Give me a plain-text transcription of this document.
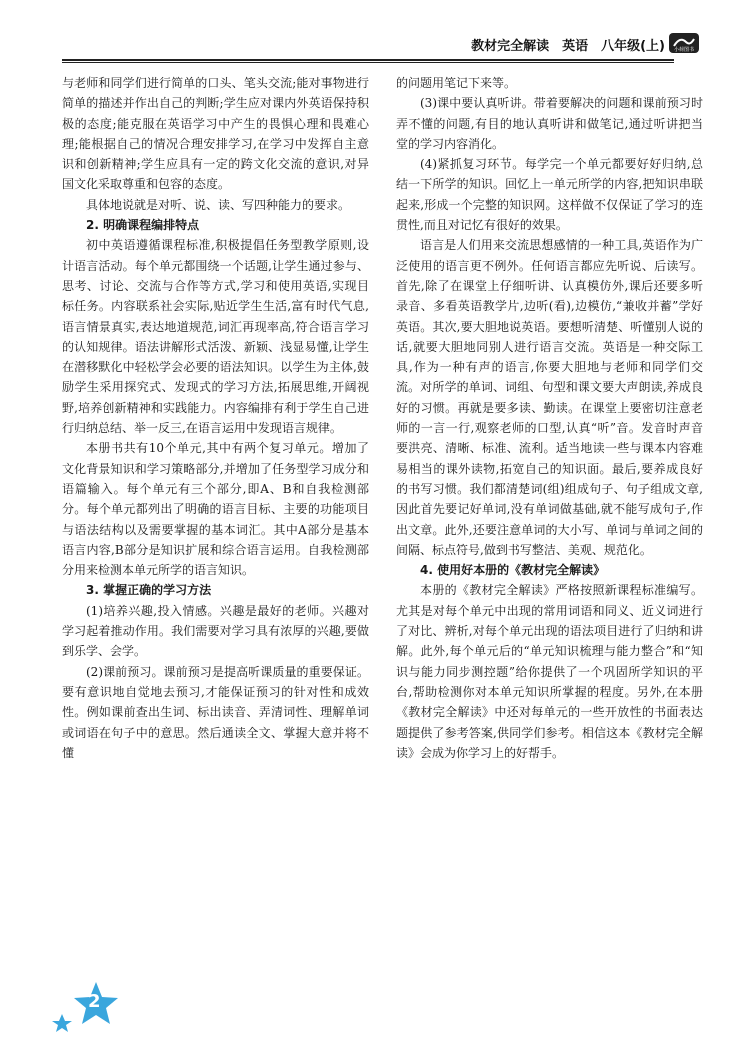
教材完全解读　英语　八年级(上) 小荷图书

与老师和同学们进行简单的口头、笔头交流;能对事物进行简单的描述并作出自己的判断;学生应对课内外英语保持积极的态度;能克服在英语学习中产生的畏惧心理和畏难心理;能根据自己的情况合理安排学习,在学习中发挥自主意识和创新精神;学生应具有一定的跨文化交流的意识,对异国文化采取尊重和包容的态度。

具体地说就是对听、说、读、写四种能力的要求。

2. 明确课程编排特点

初中英语遵循课程标准,积极提倡任务型教学原则,设计语言活动。每个单元都围绕一个话题,让学生通过参与、思考、讨论、交流与合作等方式,学习和使用英语,实现目标任务。内容联系社会实际,贴近学生生活,富有时代气息,语言情景真实,表达地道规范,词汇再现率高,符合语言学习的认知规律。语法讲解形式活泼、新颖、浅显易懂,让学生在潜移默化中轻松学会必要的语法知识。以学生为主体,鼓励学生采用探究式、发现式的学习方法,拓展思维,开阔视野,培养创新精神和实践能力。内容编排有利于学生自己进行归纳总结、举一反三,在语言运用中发现语言规律。

本册书共有10个单元,其中有两个复习单元。增加了文化背景知识和学习策略部分,并增加了任务型学习成分和语篇输入。每个单元有三个部分,即A、B和自我检测部分。每个单元都列出了明确的语言目标、主要的功能项目与语法结构以及需要掌握的基本词汇。其中A部分是基本语言内容,B部分是知识扩展和综合语言运用。自我检测部分用来检测本单元所学的语言知识。

3. 掌握正确的学习方法

(1)培养兴趣,投入情感。兴趣是最好的老师。兴趣对学习起着推动作用。我们需要对学习具有浓厚的兴趣,要做到乐学、会学。

(2)课前预习。课前预习是提高听课质量的重要保证。要有意识地自觉地去预习,才能保证预习的针对性和成效性。例如课前查出生词、标出读音、弄清词性、理解单词或词语在句子中的意思。然后通读全文、掌握大意并将不懂

的问题用笔记下来等。

(3)课中要认真听讲。带着要解决的问题和课前预习时弄不懂的问题,有目的地认真听讲和做笔记,通过听讲把当堂的学习内容消化。

(4)紧抓复习环节。每学完一个单元都要好好归纳,总结一下所学的知识。回忆上一单元所学的内容,把知识串联起来,形成一个完整的知识网。这样做不仅保证了学习的连贯性,而且对记忆有很好的效果。

语言是人们用来交流思想感情的一种工具,英语作为广泛使用的语言更不例外。任何语言都应先听说、后读写。首先,除了在课堂上仔细听讲、认真模仿外,课后还要多听录音、多看英语教学片,边听(看),边模仿,“兼收并蓄”学好英语。其次,要大胆地说英语。要想听清楚、听懂别人说的话,就要大胆地同别人进行语言交流。英语是一种交际工具,作为一种有声的语言,你要大胆地与老师和同学们交流。对所学的单词、词组、句型和课文要大声朗读,养成良好的习惯。再就是要多读、勤读。在课堂上要密切注意老师的一言一行,观察老师的口型,认真“听”音。发音时声音要洪亮、清晰、标准、流利。适当地读一些与课本内容难易相当的课外读物,拓宽自己的知识面。最后,要养成良好的书写习惯。我们都清楚词(组)组成句子、句子组成文章,因此首先要记好单词,没有单词做基础,就不能写成句子,作出文章。此外,还要注意单词的大小写、单词与单词之间的间隔、标点符号,做到书写整洁、美观、规范化。

4. 使用好本册的《教材完全解读》

本册的《教材完全解读》严格按照新课程标准编写。尤其是对每个单元中出现的常用词语和同义、近义词进行了对比、辨析,对每个单元出现的语法项目进行了归纳和讲解。此外,每个单元后的“单元知识梳理与能力整合”和“知识与能力同步测控题”给你提供了一个巩固所学知识的平台,帮助检测你对本单元知识所掌握的程度。另外,在本册《教材完全解读》中还对每单元的一些开放性的书面表达题提供了参考答案,供同学们参考。相信这本《教材完全解读》会成为你学习上的好帮手。

2
